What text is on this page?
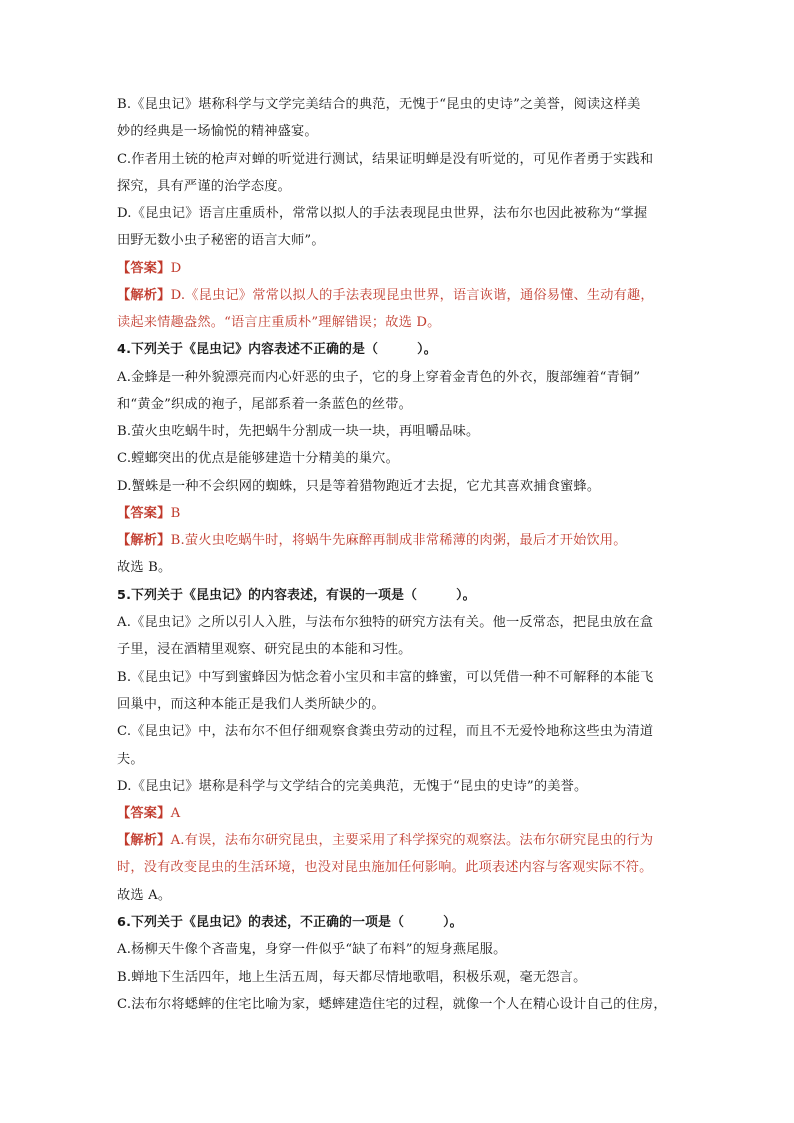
B.《昆虫记》堪称科学与文学完美结合的典范，无愧于“昆虫的史诗”之美誉，阅读这样美
妙的经典是一场愉悦的精神盛宴。
C.作者用土铳的枪声对蝉的听觉进行测试，结果证明蝉是没有听觉的，可见作者勇于实践和
探究，具有严谨的治学态度。
D.《昆虫记》语言庄重质朴，常常以拟人的手法表现昆虫世界，法布尔也因此被称为“掌握
田野无数小虫子秘密的语言大师”。
【答案】D
【解析】D.《昆虫记》常常以拟人的手法表现昆虫世界，语言诙谐，通俗易懂、生动有趣，
读起来情趣盎然。“语言庄重质朴”理解错误；故选 D。
4.下列关于《昆虫记》内容表述不正确的是（　　　）。
A.金蜂是一种外貌漂亮而内心奸恶的虫子，它的身上穿着金青色的外衣，腹部缠着“青铜”
和“黄金”织成的袍子，尾部系着一条蓝色的丝带。
B.萤火虫吃蜗牛时，先把蜗牛分割成一块一块，再咀嚼品味。
C.螳螂突出的优点是能够建造十分精美的巢穴。
D.蟹蛛是一种不会织网的蜘蛛，只是等着猎物跑近才去捉，它尤其喜欢捕食蜜蜂。
【答案】B
【解析】B.萤火虫吃蜗牛时，将蜗牛先麻醉再制成非常稀薄的肉粥，最后才开始饮用。
故选 B。
5.下列关于《昆虫记》的内容表述，有误的一项是（　　　）。
A.《昆虫记》之所以引人入胜，与法布尔独特的研究方法有关。他一反常态，把昆虫放在盒
子里，浸在酒精里观察、研究昆虫的本能和习性。
B.《昆虫记》中写到蜜蜂因为惦念着小宝贝和丰富的蜂蜜，可以凭借一种不可解释的本能飞
回巢中，而这种本能正是我们人类所缺少的。
C.《昆虫记》中，法布尔不但仔细观察食粪虫劳动的过程，而且不无爱怜地称这些虫为清道
夫。
D.《昆虫记》堪称是科学与文学结合的完美典范，无愧于“昆虫的史诗”的美誉。
【答案】A
【解析】A.有误，法布尔研究昆虫，主要采用了科学探究的观察法。法布尔研究昆虫的行为
时，没有改变昆虫的生活环境，也没对昆虫施加任何影响。此项表述内容与客观实际不符。
故选 A。
6.下列关于《昆虫记》的表述，不正确的一项是（　　　）。
A.杨柳天牛像个吝啬鬼，身穿一件似乎“缺了布料”的短身燕尾服。
B.蝉地下生活四年，地上生活五周，每天都尽情地歌唱，积极乐观，毫无怨言。
C.法布尔将蟋蟀的住宅比喻为家，蟋蟀建造住宅的过程，就像一个人在精心设计自己的住房，
